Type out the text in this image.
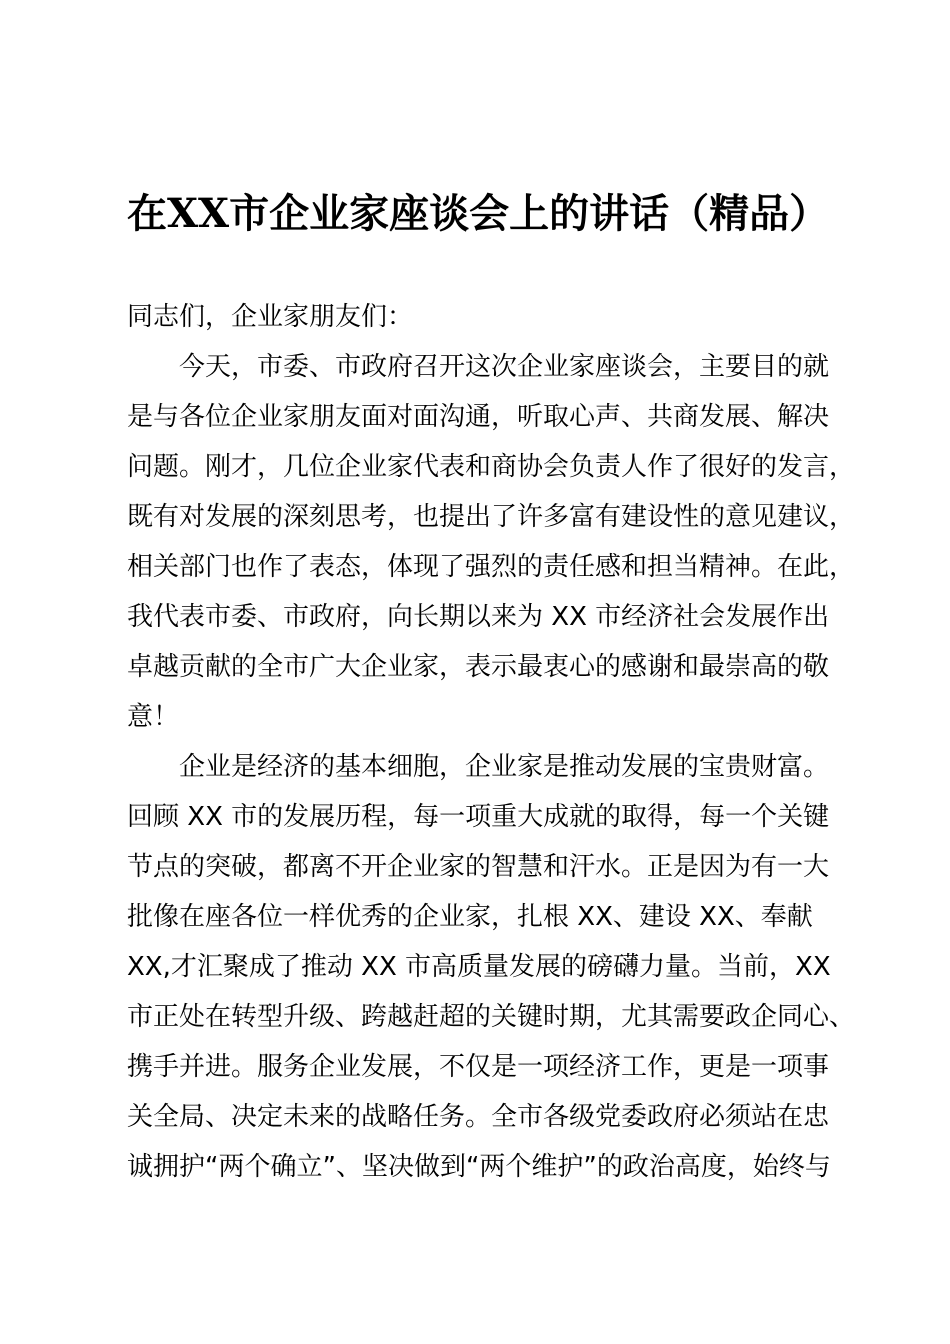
在XX市企业家座谈会上的讲话（精品）
同志们，企业家朋友们：
今天，市委、市政府召开这次企业家座谈会，主要目的就
是与各位企业家朋友面对面沟通，听取心声、共商发展、解决
问题。刚才，几位企业家代表和商协会负责人作了很好的发言，
既有对发展的深刻思考，也提出了许多富有建设性的意见建议，
相关部门也作了表态，体现了强烈的责任感和担当精神。在此，
我代表市委、市政府，向长期以来为 XX 市经济社会发展作出
卓越贡献的全市广大企业家，表示最衷心的感谢和最崇高的敬
意！
企业是经济的基本细胞，企业家是推动发展的宝贵财富。
回顾 XX 市的发展历程，每一项重大成就的取得，每一个关键
节点的突破，都离不开企业家的智慧和汗水。正是因为有一大
批像在座各位一样优秀的企业家，扎根 XX、建设 XX、奉献
XX,才汇聚成了推动 XX 市高质量发展的磅礴力量。当前，XX
市正处在转型升级、跨越赶超的关键时期，尤其需要政企同心、
携手并进。服务企业发展，不仅是一项经济工作，更是一项事
关全局、决定未来的战略任务。全市各级党委政府必须站在忠
诚拥护“两个确立”、坚决做到“两个维护”的政治高度，始终与
